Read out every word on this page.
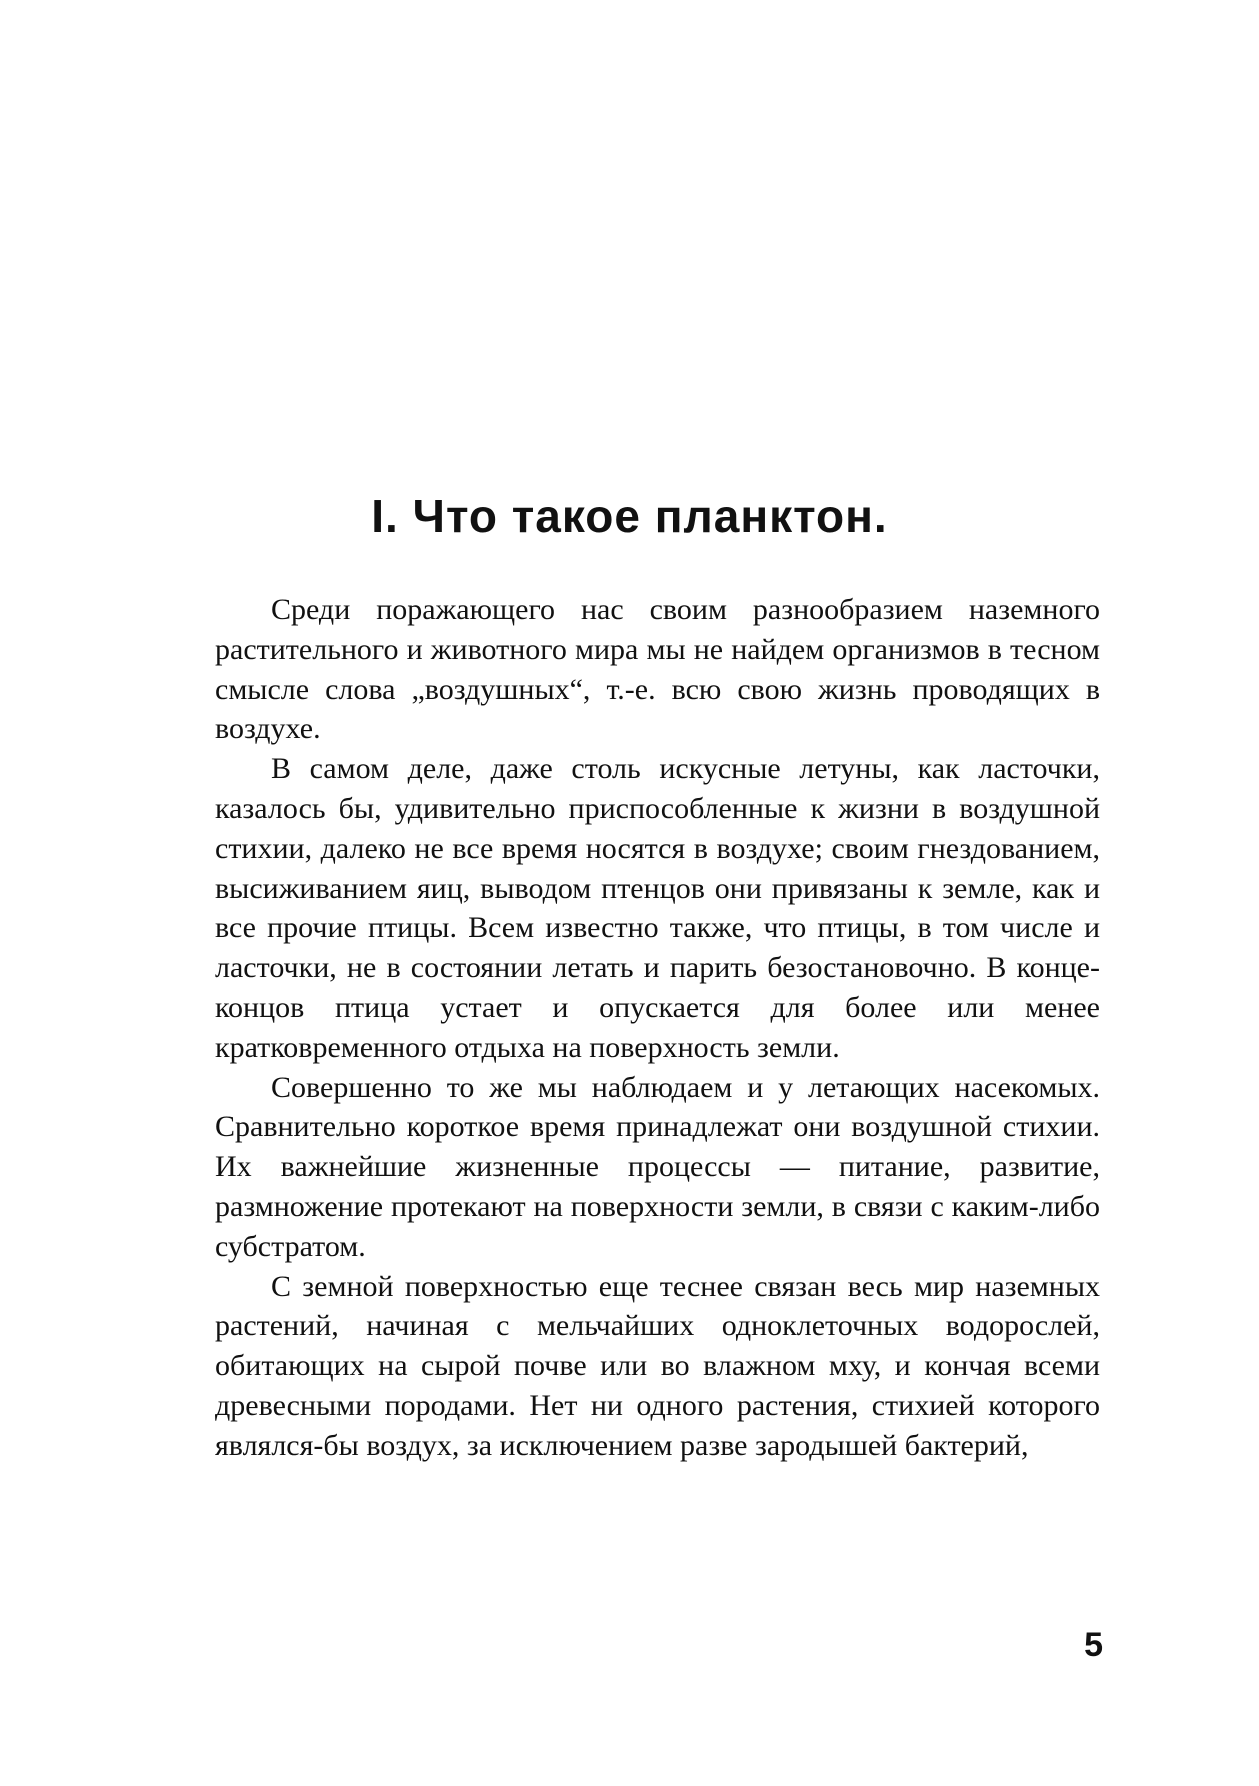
I. Что такое планктон.

Среди поражающего нас своим разнообразием наземного растительного и животного мира мы не найдем организмов в тесном смысле слова „воздушных“, т.-е. всю свою жизнь проводящих в воздухе.

В самом деле, даже столь искусные летуны, как ласточки, казалось бы, удивительно приспособленные к жизни в воздушной стихии, далеко не все время носятся в воздухе; своим гнездованием, высиживанием яиц, выводом птенцов они привязаны к земле, как и все прочие птицы. Всем известно также, что птицы, в том числе и ласточки, не в состоянии летать и парить безостановочно. В конце-концов птица устает и опускается для более или менее кратковременного отдыха на поверхность земли.

Совершенно то же мы наблюдаем и у летающих насекомых. Сравнительно короткое время принадлежат они воздушной стихии. Их важнейшие жизненные процессы — питание, развитие, размножение протекают на поверхности земли, в связи с каким-либо субстратом.

С земной поверхностью еще теснее связан весь мир наземных растений, начиная с мельчайших одноклеточных водорослей, обитающих на сырой почве или во влажном мху, и кончая всеми древесными породами. Нет ни одного растения, стихией которого являлся-бы воздух, за исключением разве зародышей бактерий,

5
